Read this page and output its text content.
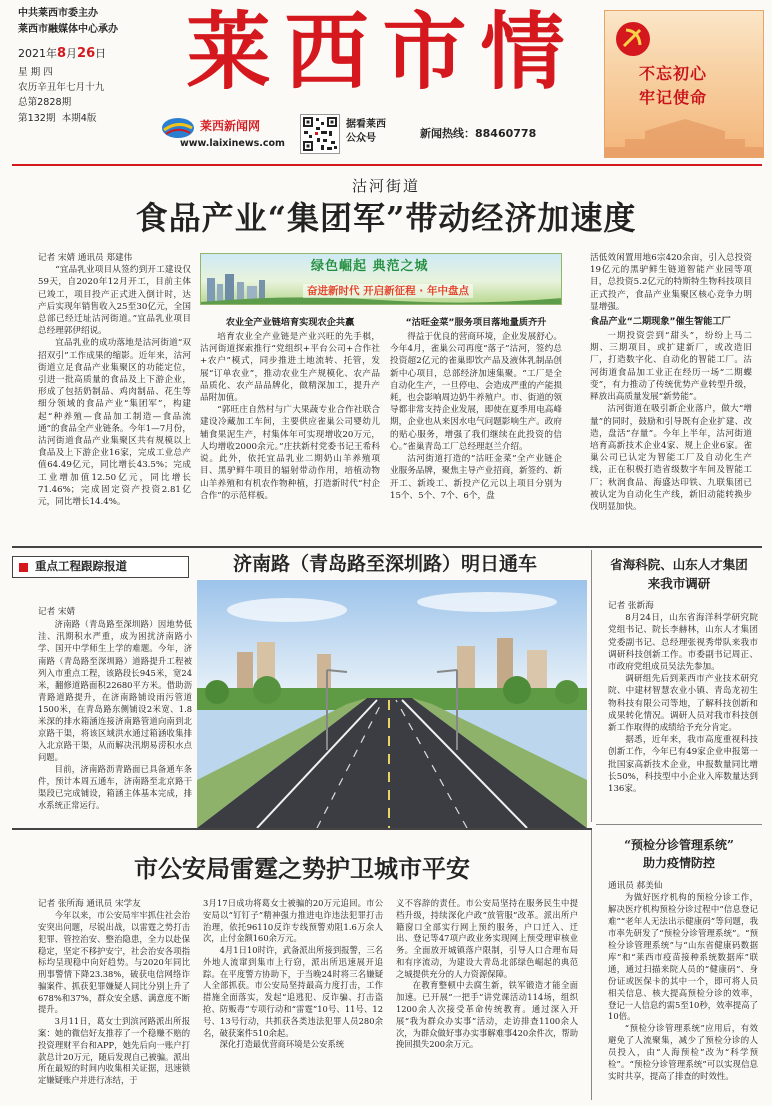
中共莱西市委主办
莱西市融媒体中心承办
2021年8月26日
星 期 四
农历辛丑年七月十九
总第2828期
第132期 本期4版
莱西市情
莱西新闻网
www.laixinews.com
据看莱西
公众号	新闻热线：88460778
不忘初心
牢记使命
沽河街道
食品产业“集团军”带动经济加速度
绿色崛起 典范之城
奋进新时代 开启新征程 · 年中盘点

记者 宋婧 通讯员 郑建伟

“宜品乳业项目从签约到开工建设仅59天，自2020年12月开工，目前主体已竣工，项目投产正式进入倒计时，达产后实现年销售收入25至30亿元，全国总部已经迁址沽河街道。”宜品乳业项目总经理郭伊绍说。

宜品乳业的成功落地是沽河街道“双招双引”工作成果的缩影。近年来，沽河街道立足食品产业集聚区的功能定位，引进一批高质量的食品及上下游企业，形成了包括奶制品、鸡肉制品、花生等细分领域的食品产业“集团军”，构建起“种养殖—食品加工制造—食品流通”的食品全产业链条。今年1—7月份，沽河街道食品产业集聚区共有规模以上食品及上下游企业16家，完成工业总产值64.49亿元，同比增长43.5%；完成工业增加值12.50亿元，同比增长71.46%；完成固定资产投资2.81亿元，同比增长14.4%。

农业全产业链培育实现农企共赢

培育农业全产业链是产业兴旺的先手棋，沽河街道探索推行“党组织+平台公司+合作社+农户”模式，同步推进土地流转、托管，发展“订单农业”，推动农业生产规模化、农产品品质化、农产品品牌化，做精深加工，提升产品附加值。

“郭旺庄自然村与广大果蔬专业合作社联合建设冷藏加工车间，主要供应雀巢公司婴幼儿辅食果泥生产，村集体年可实现增收20万元，人均增收2000余元。”庄扶新村党委书记王希科说。此外，依托宜品乳业二期奶山羊养殖项目、黑驴鲜牛项目的辐射带动作用，培植动物山羊养殖和有机农作物种植，打造新时代“村企合作”的示范样板。

“沽旺金菜”服务项目落地量质齐升

得益于优良的营商环境，企业发展舒心。今年4月，雀巢公司再度“落子”沽河，签约总投资超2亿元的雀巢即饮产品及液体乳制品创新中心项目，总部经济加速集聚。“工厂是全自动化生产，一旦停电、会造成严重的产能损耗，也会影响周边奶牛养殖户。市、街道的领导都非常支持企业发展，即使在夏季用电高峰期，企业也从来因水电气问题影响生产。政府的贴心服务，增强了我们继续在此投资的信心。”雀巢青岛工厂总经理赵兰介绍。

沽河街道打造的“沽旺金菜”全产业链企业服务品牌，聚焦主导产业招商，新签约、新开工、新竣工、新投产亿元以上项目分别为15个、5个、7个、6个，盘

活低效闲置用地6宗420余亩，引入总投资19亿元的黑驴鲜生链道智能产业园等项目，总投资5.2亿元的特斯特生物科技项目正式投产，食品产业集聚区核心竞争力明显增强。

食品产业“二期现象”催生智能工厂

一期投资尝到“甜头”，纷纷上马二期、三期项目，或扩建新厂，或改造旧厂，打造数字化、自动化的智能工厂。沽河街道食品加工业正在经历一场“二期蝶变”，有力推动了传统优势产业转型升级，释放出高质量发展“新势能”。

沽河街道在吸引新企业落户，做大“增量”的同时，鼓励和引导既有企业扩建、改造，盘活“存量”。今年上半年，沽河街道培育高新技术企业4家、规上企业6家。雀巢公司已认定为智能工厂及自动化生产线，正在积极打造省级数字车间及智能工厂；秋润食品、海盛达印铁、九联集团已被认定为自动化生产线，新旧动能转换步伐明显加快。

重点工程跟踪报道	济南路（青岛路至深圳路）明日通车

记者 宋婧

济南路（青岛路至深圳路）因地势低洼、汛期积水严重，成为困扰济南路小学、国开中学师生上学的难题。今年，济南路（青岛路至深圳路）道路提升工程被列入市重点工程，该路段长945米，宽24米，翻修道路面积22680平方米。借助沥青路道路提升，在济南路铺设雨污管道1500米，在青岛路东侧铺设2米宽、1.8米深的排水箱涵连接济南路管道向南到北京路干渠，将该区域洪水通过箱涵收集排入北京路干渠，从而解决汛期易涝积水点问题。

目前，济南路沥青路面已具备通车条件，预计本周五通车，济南路至北京路干渠段已完成铺设，箱涵主体基本完成，排水系统正常运行。

省海科院、山东人才集团
来我市调研

记者 张新海

8月24日，山东省海洋科学研究院党组书记、院长李赫林，山东人才集团党委副书记、总经理张视秀带队来我市调研科技创新工作。市委副书记周正、市政府党组成员吴法先参加。

调研组先后到莱西市产业技术研究院、中建材智慧农业小镇、青岛龙初生物科技有限公司等地，了解科技创新和成果转化情况。调研人员对我市科技创新工作取得的成绩给予充分肯定。

据悉，近年来，我市高度重视科技创新工作，今年已有49家企业申报第一批国家高新技术企业，申报数量同比增长50%，科技型中小企业入库数量达到136家。

市公安局雷霆之势护卫城市平安

记者 张所海 通讯员 宋学友

今年以来，市公安局牢牢抓住社会治安突出问题，尽锐出战，以雷霆之势打击犯罪、管控治安、整治隐患，全力以赴保稳定，坚定不移护安宁，社会治安各项指标均呈现稳中向好趋势。与2020年同比刑事警情下降23.38%，破获电信网络诈骗案件、抓获犯罪嫌疑人同比分别上升了678%和37%，群众安全感、满意度不断提升。

3月11日，葛女士到滨河路派出所报案：她的微信好友推荐了一个稳赚不赔的投资理财平台和APP，她先后向一账户打款总计20万元，随后发现自己被骗。派出所在最短的时间内收集相关证据，迅速锁定嫌疑账户并进行冻结，于

3月17日成功将葛女士被骗的20万元追回。市公安局以“钉钉子”精神强力推进电诈违法犯罪打击治理，依托96110反诈专线预警劝阻1.6万余人次，止付金额160余万元。

4月1日10时许，武备派出所接到报警，三名外地人流窜到集市上行窃，派出所迅速展开追踪。在平度警方协助下，于当晚24时将三名嫌疑人全部抓获。市公安局坚持最高力度打击，工作措施全面落实，发起“追逃犯、反诈骗、打击盗抢、防贩毒”专项行动和“雷霆”10号、11号、12号、13号行动，共抓获各类违法犯罪人员280余名，破获案件510余起。

深化打造最优营商环境是公安系统

义不容辞的责任。市公安局坚持在服务民生中提档升级，持续深化户政“放管服”改革。派出所户籍窗口全部实行网上预约服务，户口迁入、迁出、登记等47项户政业务实现网上预受理审核业务。全面放开城镇落户限制，引导人口合理布局和有序流动，为建设大青岛北部绿色崛起的典范之城提供充分的人力资源保障。

在教育整顿中去腐生新，铁军锻造才能全面加速。已开展“一把手”讲党课活动114场，组织1200余人次接受革命传统教育。通过深入开展“我为群众办实事”活动，走访排查1100余人次，为群众做好事办实事解难事420余件次，帮助挽回损失200余万元。

“预检分诊管理系统”
助力疫情防控

通讯员 郝美仙

为做好医疗机构的预检分诊工作，解决医疗机构预检分诊过程中“信息登记难”“老年人无法出示健康码”等问题，我市率先研发了“预检分诊管理系统”。“预检分诊管理系统”与“山东省健康码数据库”和“莱西市疫苗接种系统数据库”联通，通过扫描来院人员的“健康码”、身份证或医保卡的其中一个，即可将人员相关信息、核大提高预检分诊的效率，登记一人信息约需5至10秒，效率提高了10倍。

“预检分诊管理系统”应用后，有效避免了人流聚集，减少了预检分诊的人员投入，由“人海预检”改为“科学预检”。“预检分诊管理系统”可以实现信息实时共享，提高了排查的时效性。
